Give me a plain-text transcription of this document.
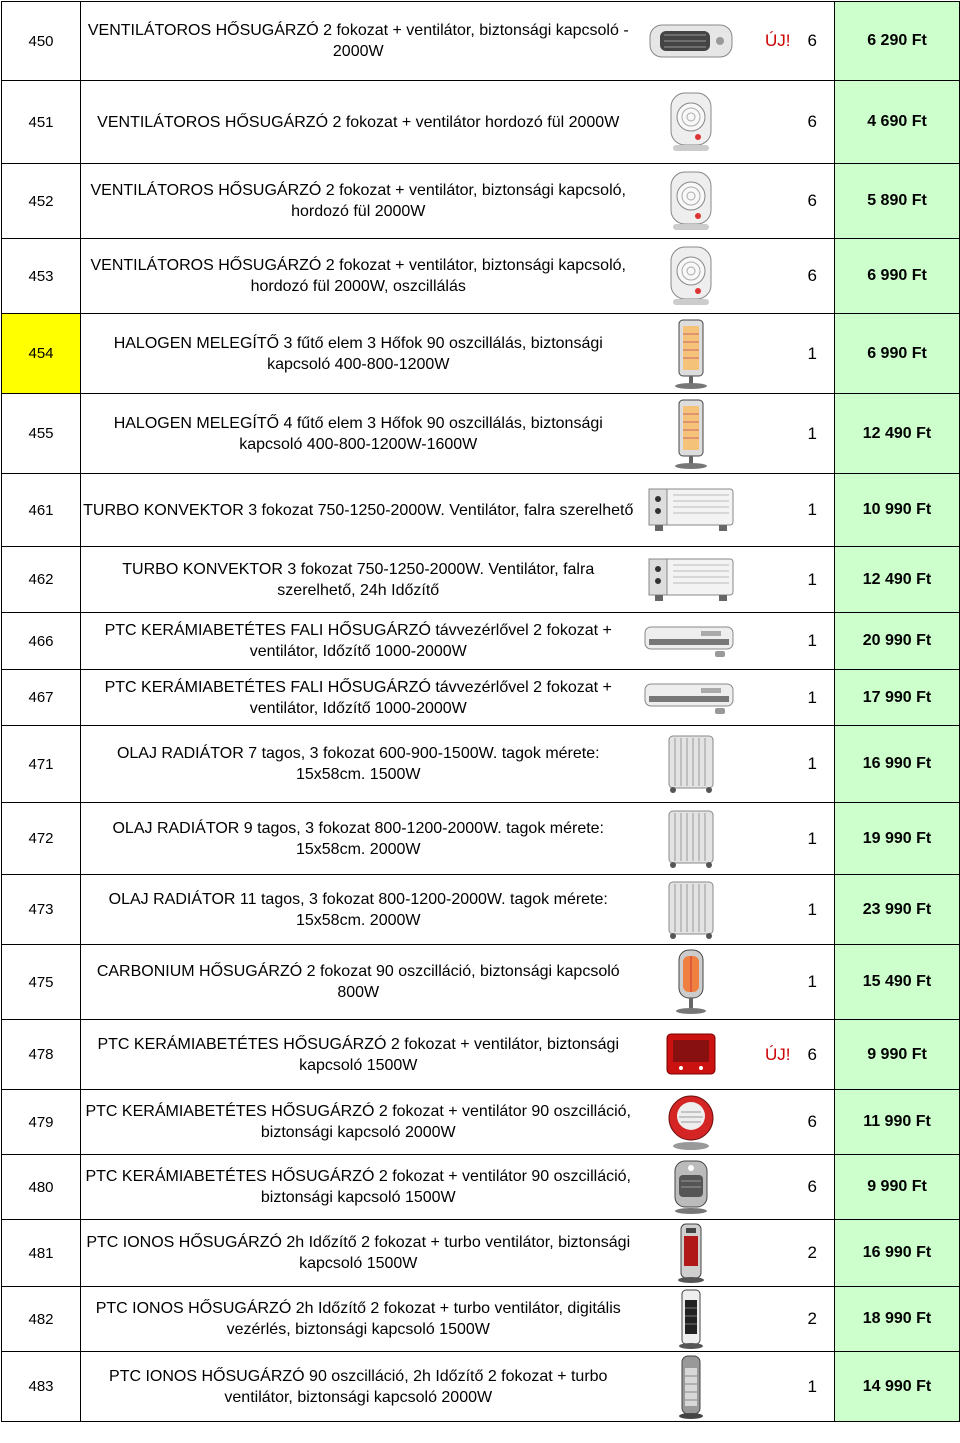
450	VENTILÁTOROS HŐSUGÁRZÓ 2 fokozat + ventilátor, biztonsági kapcsoló - 2000W		ÚJ!	6	6 290 Ft
451	VENTILÁTOROS HŐSUGÁRZÓ 2 fokozat + ventilátor hordozó fül 2000W			6	4 690 Ft
452	VENTILÁTOROS HŐSUGÁRZÓ 2 fokozat + ventilátor, biztonsági kapcsoló, hordozó fül 2000W			6	5 890 Ft
453	VENTILÁTOROS HŐSUGÁRZÓ 2 fokozat + ventilátor, biztonsági kapcsoló, hordozó fül 2000W, oszcillálás			6	6 990 Ft
454	HALOGEN MELEGÍTŐ 3 fűtő elem 3 Hőfok 90 oszcillálás, biztonsági kapcsoló 400-800-1200W			1	6 990 Ft
455	HALOGEN MELEGÍTŐ 4 fűtő elem 3 Hőfok 90 oszcillálás, biztonsági kapcsoló 400-800-1200W-1600W			1	12 490 Ft
461	TURBO KONVEKTOR 3 fokozat 750-1250-2000W. Ventilátor, falra szerelhető			1	10 990 Ft
462	TURBO KONVEKTOR 3 fokozat 750-1250-2000W. Ventilátor, falra szerelhető, 24h Időzítő			1	12 490 Ft
466	PTC KERÁMIABETÉTES FALI HŐSUGÁRZÓ távvezérlővel 2 fokozat + ventilátor, Időzítő 1000-2000W			1	20 990 Ft
467	PTC KERÁMIABETÉTES FALI HŐSUGÁRZÓ távvezérlővel 2 fokozat + ventilátor, Időzítő 1000-2000W			1	17 990 Ft
471	OLAJ RADIÁTOR 7 tagos, 3 fokozat 600-900-1500W. tagok mérete: 15x58cm. 1500W			1	16 990 Ft
472	OLAJ RADIÁTOR 9 tagos, 3 fokozat 800-1200-2000W. tagok mérete: 15x58cm. 2000W			1	19 990 Ft
473	OLAJ RADIÁTOR 11 tagos, 3 fokozat 800-1200-2000W. tagok mérete: 15x58cm. 2000W			1	23 990 Ft
475	CARBONIUM HŐSUGÁRZÓ 2 fokozat 90 oszcilláció, biztonsági kapcsoló 800W			1	15 490 Ft
478	PTC KERÁMIABETÉTES HŐSUGÁRZÓ 2 fokozat + ventilátor, biztonsági kapcsoló 1500W		ÚJ!	6	9 990 Ft
479	PTC KERÁMIABETÉTES HŐSUGÁRZÓ 2 fokozat + ventilátor 90 oszcilláció, biztonsági kapcsoló 2000W			6	11 990 Ft
480	PTC KERÁMIABETÉTES HŐSUGÁRZÓ 2 fokozat + ventilátor 90 oszcilláció, biztonsági kapcsoló 1500W			6	9 990 Ft
481	PTC IONOS HŐSUGÁRZÓ 2h Időzítő 2 fokozat + turbo ventilátor, biztonsági kapcsoló 1500W			2	16 990 Ft
482	PTC IONOS HŐSUGÁRZÓ 2h Időzítő 2 fokozat + turbo ventilátor, digitális vezérlés, biztonsági kapcsoló 1500W			2	18 990 Ft
483	PTC IONOS HŐSUGÁRZÓ 90 oszcilláció, 2h Időzítő 2 fokozat + turbo ventilátor, biztonsági kapcsoló 2000W			1	14 990 Ft
